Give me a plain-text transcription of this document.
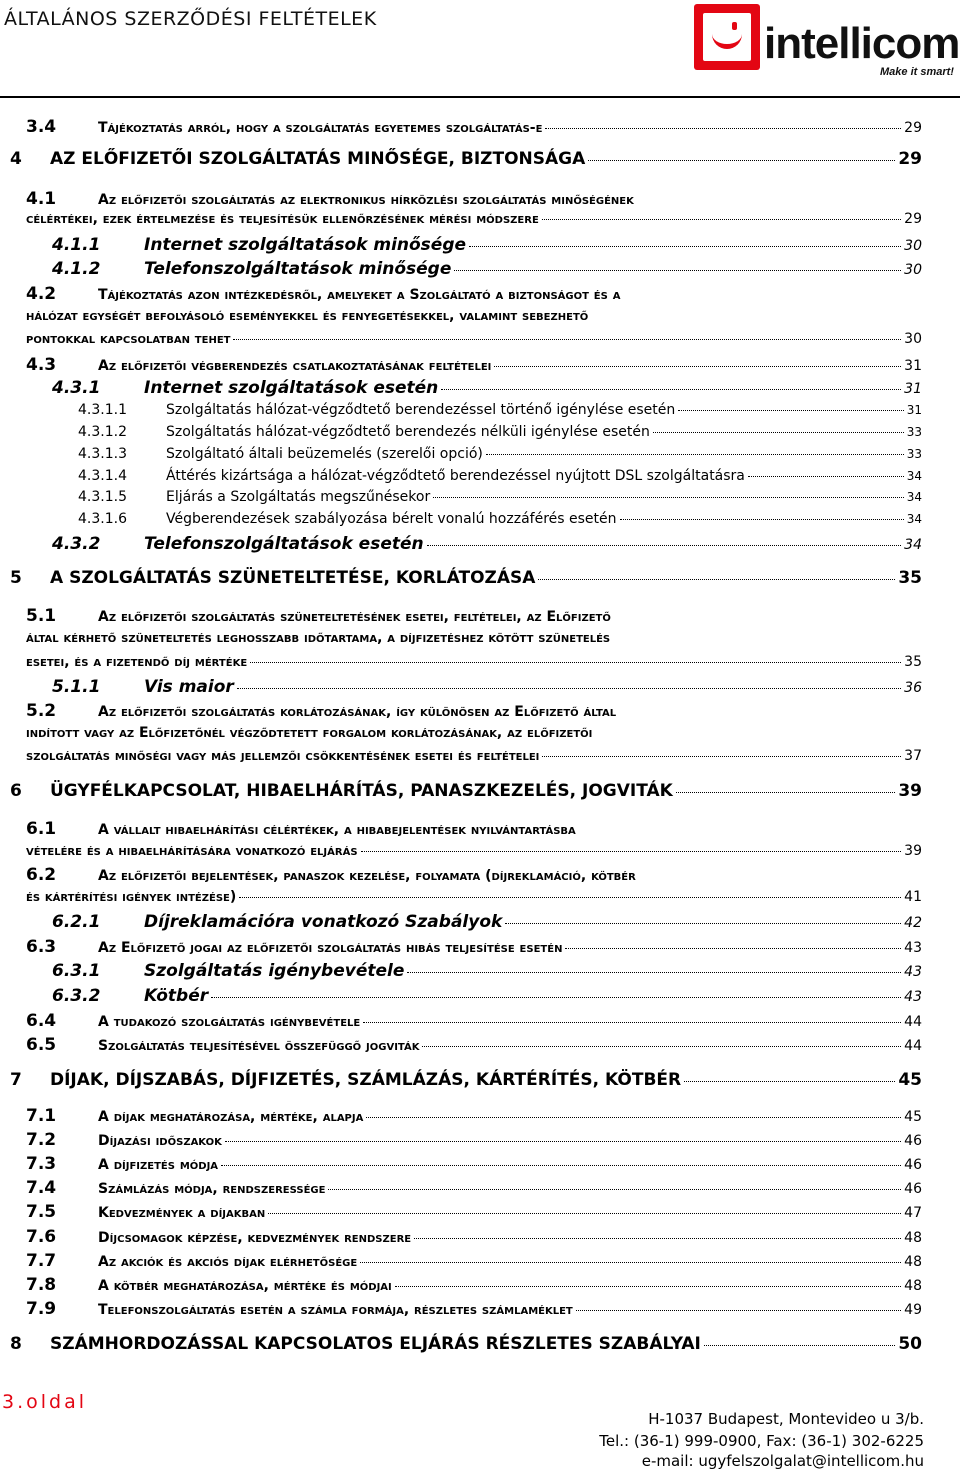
ÁLTALÁNOS SZERZŐDÉSI FELTÉTELEK	intellicom
Make it smart!
3.4	Tájékoztatás arról, hogy a szolgáltatás egyetemes szolgáltatás-e	29
4	AZ ELŐFIZETŐI SZOLGÁLTATÁS MINŐSÉGE, BIZTONSÁGA	29
4.1	Az előfizetői szolgáltatás az elektronikus hírközlési szolgáltatás minőségének
célértékei, ezek értelmezése és teljesítésük ellenőrzésének mérési módszere	29
4.1.1	Internet szolgáltatások minősége	30
4.1.2	Telefonszolgáltatások minősége	30
4.2	Tájékoztatás azon intézkedésről, amelyeket a Szolgáltató a biztonságot és a
hálózat egységét befolyásoló eseményekkel és fenyegetésekkel, valamint sebezhető
pontokkal kapcsolatban tehet	30
4.3	Az előfizetői végberendezés csatlakoztatásának feltételei	31
4.3.1	Internet szolgáltatások esetén	31
4.3.1.1	Szolgáltatás hálózat-végződtető berendezéssel történő igénylése esetén	31
4.3.1.2	Szolgáltatás hálózat-végződtető berendezés nélküli igénylése esetén	33
4.3.1.3	Szolgáltató általi beüzemelés (szerelői opció)	33
4.3.1.4	Áttérés kizártsága a hálózat-végződtető berendezéssel nyújtott DSL szolgáltatásra	34
4.3.1.5	Eljárás a Szolgáltatás megszűnésekor	34
4.3.1.6	Végberendezések szabályozása bérelt vonalú hozzáférés esetén	34
4.3.2	Telefonszolgáltatások esetén	34
5	A SZOLGÁLTATÁS SZÜNETELTETÉSE, KORLÁTOZÁSA	35
5.1	Az előfizetői szolgáltatás szüneteltetésének esetei, feltételei, az Előfizető
által kérhető szüneteltetés leghosszabb időtartama, a díjfizetéshez kötött szünetelés
esetei, és a fizetendő díj mértéke	35
5.1.1	Vis maior	36
5.2	Az előfizetői szolgáltatás korlátozásának, így különösen az Előfizető által
indított vagy az Előfizetőnél végződtetett forgalom korlátozásának, az előfizetői
szolgáltatás minőségi vagy más jellemzői csökkentésének esetei és feltételei	37
6	ÜGYFÉLKAPCSOLAT, HIBAELHÁRÍTÁS, PANASZKEZELÉS, JOGVITÁK	39
6.1	A vállalt hibaelhárítási célértékek, a hibabejelentések nyilvántartásba
vételére és a hibaelhárítására vonatkozó eljárás	39
6.2	Az előfizetői bejelentések, panaszok kezelése, folyamata (díjreklamáció, kötbér
és kártérítési igények intézése)	41
6.2.1	Díjreklamációra vonatkozó Szabályok	42
6.3	Az Előfizető jogai az előfizetői szolgáltatás hibás teljesítése esetén	43
6.3.1	Szolgáltatás igénybevétele	43
6.3.2	Kötbér	43
6.4	A tudakozó szolgáltatás igénybevétele	44
6.5	Szolgáltatás teljesítésével összefüggő jogviták	44
7	DÍJAK, DÍJSZABÁS, DÍJFIZETÉS, SZÁMLÁZÁS, KÁRTÉRÍTÉS, KÖTBÉR	45
7.1	A díjak meghatározása, mértéke, alapja	45
7.2	Díjazási időszakok	46
7.3	A díjfizetés módja	46
7.4	Számlázás módja, rendszeressége	46
7.5	Kedvezmények a díjakban	47
7.6	Díjcsomagok képzése, kedvezmények rendszere	48
7.7	Az akciók és akciós díjak elérhetősége	48
7.8	A kötbér meghatározása, mértéke és módjai	48
7.9	Telefonszolgáltatás esetén a számla formája, részletes számlaméklet	49
8	SZÁMHORDOZÁSSAL KAPCSOLATOS ELJÁRÁS RÉSZLETES SZABÁLYAI	50
3.oldal
H-1037 Budapest, Montevideo u 3/b.
Tel.: (36-1) 999-0900, Fax: (36-1) 302-6225
e-mail: ugyfelszolgalat@intellicom.hu
